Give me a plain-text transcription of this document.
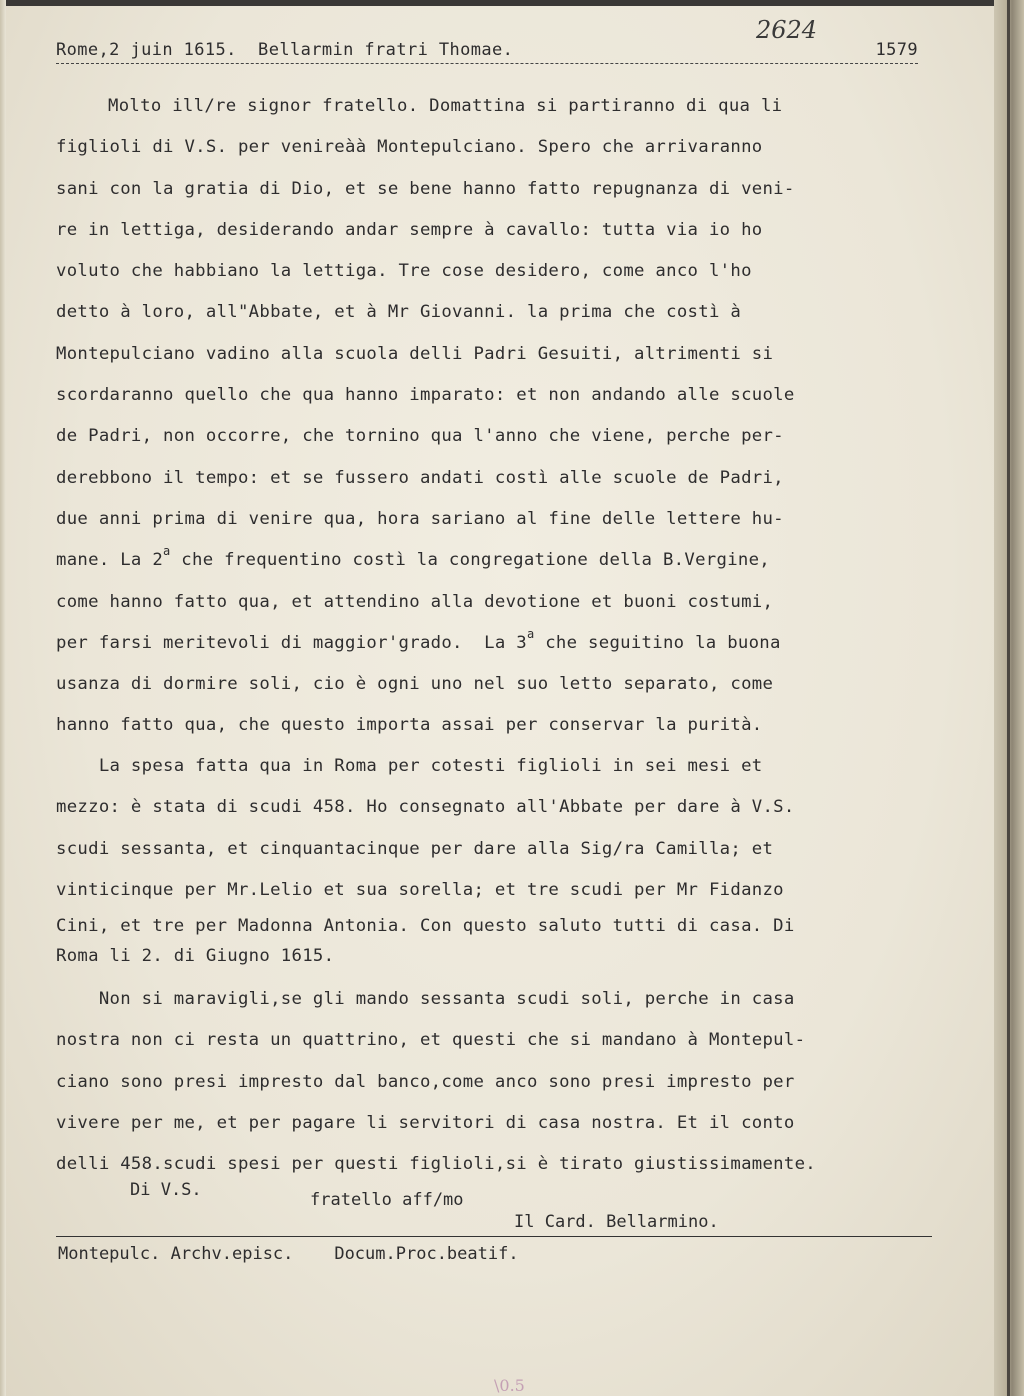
2624
Rome,2 juin 1615.  Bellarmin fratri Thomae.	1579
Molto ill/re signor fratello. Domattina si partiranno di qua li
figlioli di V.S. per venireàà Montepulciano. Spero che arrivaranno
sani con la gratia di Dio, et se bene hanno fatto repugnanza di veni-
re in lettiga, desiderando andar sempre à cavallo: tutta via io ho
voluto che habbiano la lettiga. Tre cose desidero, come anco l'ho
detto à loro, all"Abbate, et à Mr Giovanni. la prima che costì à
Montepulciano vadino alla scuola delli Padri Gesuiti, altrimenti si
scordaranno quello che qua hanno imparato: et non andando alle scuole
de Padri, non occorre, che tornino qua l'anno che viene, perche per-
derebbono il tempo: et se fussero andati costì alle scuole de Padri,
due anni prima di venire qua, hora sariano al fine delle lettere hu-
mane. La 2$^a$ che frequentino costì la congregatione della B.Vergine,
come hanno fatto qua, et attendino alla devotione et buoni costumi,
per farsi meritevoli di maggior'grado.  La 3$^a$ che seguitino la buona
usanza di dormire soli, cio è ogni uno nel suo letto separato, come
hanno fatto qua, che questo importa assai per conservar la purità.
La spesa fatta qua in Roma per cotesti figlioli in sei mesi et
mezzo: è stata di scudi 458. Ho consegnato all'Abbate per dare à V.S.
scudi sessanta, et cinquantacinque per dare alla Sig/ra Camilla; et
vinticinque per Mr.Lelio et sua sorella; et tre scudi per Mr Fidanzo
Cini, et tre per Madonna Antonia. Con questo saluto tutti di casa. Di
Roma li 2. di Giugno 1615.
Non si maravigli,se gli mando sessanta scudi soli, perche in casa
nostra non ci resta un quattrino, et questi che si mandano à Montepul-
ciano sono presi impresto dal banco,come anco sono presi impresto per
vivere per me, et per pagare li servitori di casa nostra. Et il conto
delli 458.scudi spesi per questi figlioli,si è tirato giustissimamente.
Di V.S.	fratello aff/mo
Il Card. Bellarmino.
Montepulc. Archv.episc.    Docum.Proc.beatif.
\0.5
